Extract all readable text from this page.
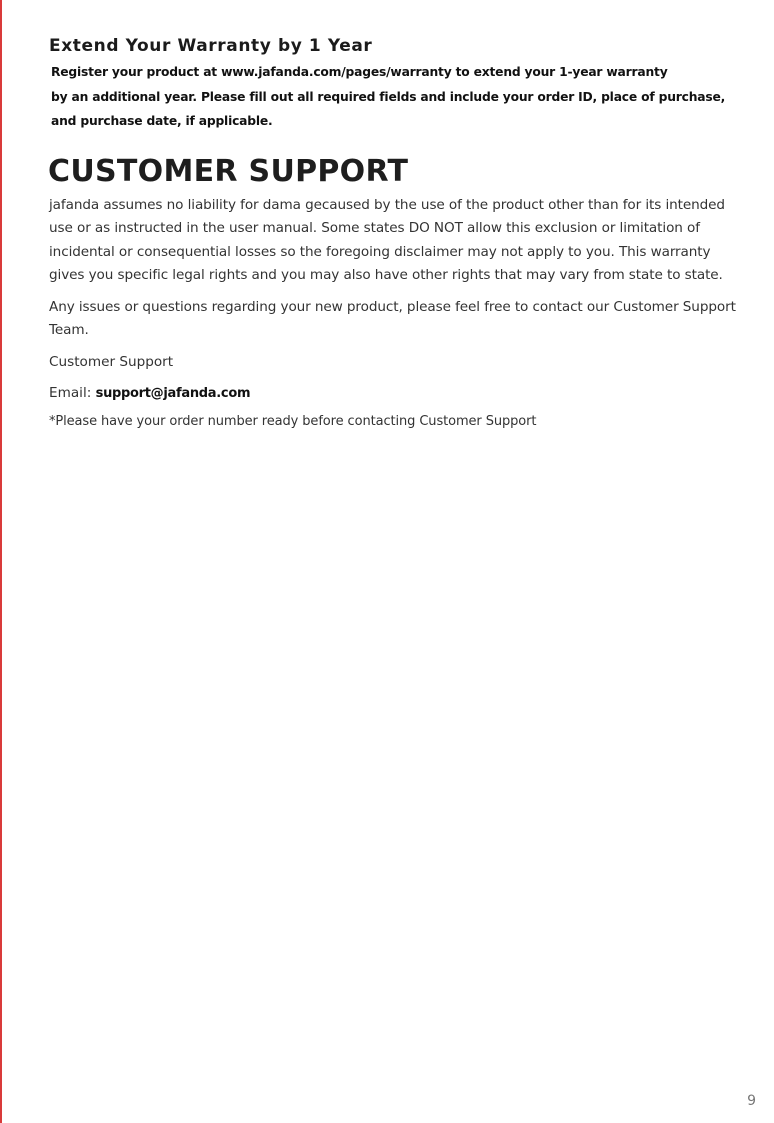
Extend Your Warranty by 1 Year
Register your product at www.jafanda.com/pages/warranty to extend your 1-year warranty
by an additional year. Please fill out all required fields and include your order ID, place of purchase,
and purchase date, if applicable.
CUSTOMER SUPPORT

jafanda assumes no liability for dama gecaused by the use of the product other than for its intended use or as instructed in the user manual. Some states DO NOT allow this exclusion or limitation of incidental or consequential losses so the foregoing disclaimer may not apply to you. This warranty gives you specific legal rights and you may also have other rights that may vary from state to state.

Any issues or questions regarding your new product, please feel free to contact our Customer Support Team.

Customer Support

Email: support@jafanda.com

*Please have your order number ready before contacting Customer Support

9
